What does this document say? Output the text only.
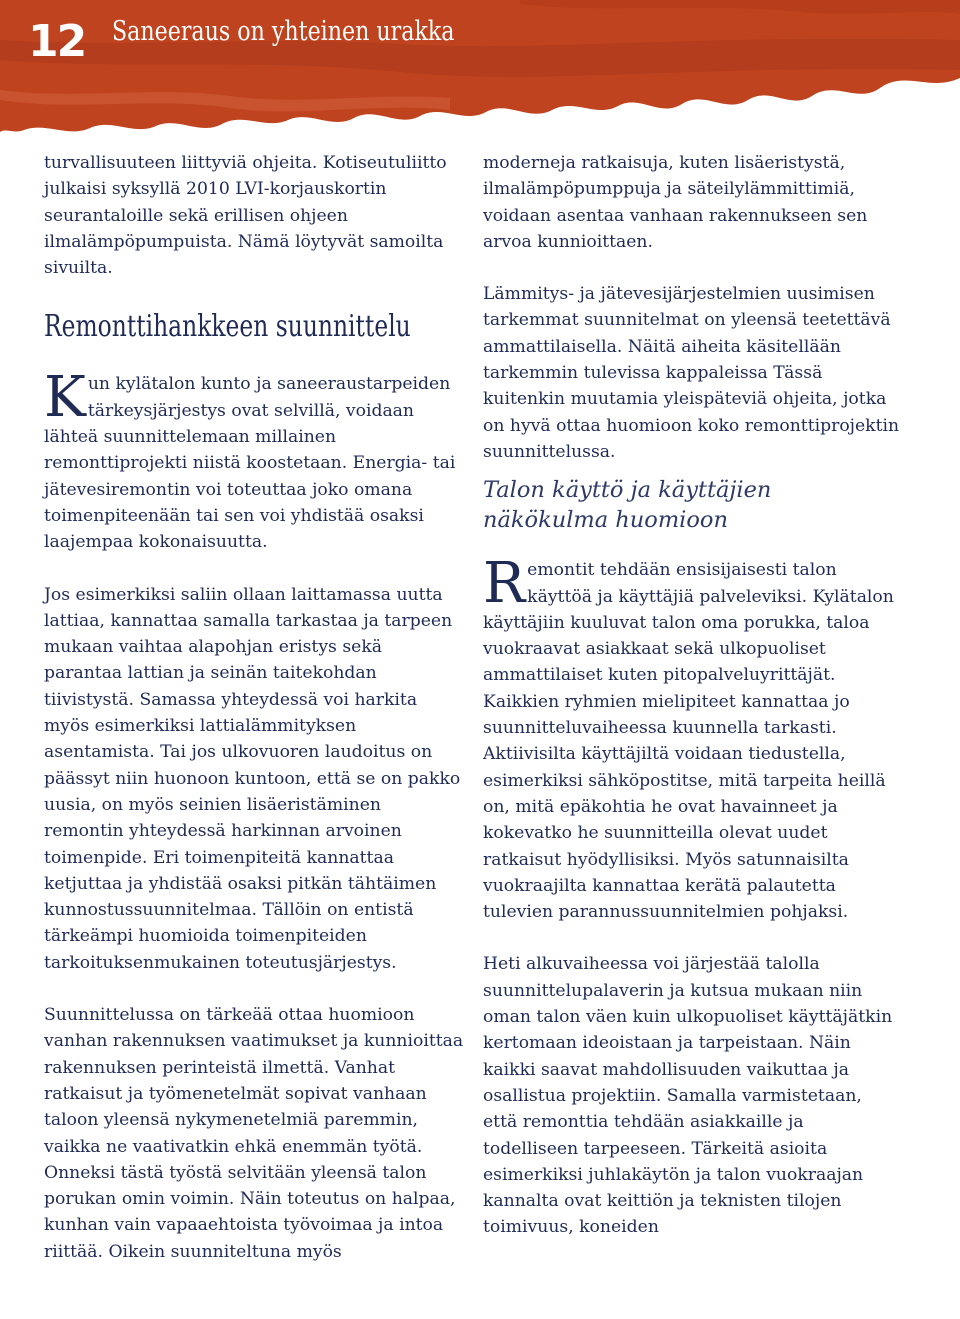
12 Saneeraus on yhteinen urakka

turvallisuuteen liittyviä ohjeita. Kotiseutuliitto julkaisi syksyllä 2010 LVI-korjauskortin seurantaloille sekä erillisen ohjeen ilmalämpöpumpuista. Nämä löytyvät samoilta sivuilta.

Remonttihankkeen suunnittelu

Kun kylätalon kunto ja saneeraustarpeiden tärkeysjärjestys ovat selvillä, voidaan lähteä suunnittelemaan millainen remonttiprojekti niistä koostetaan. Energia- tai jätevesiremontin voi toteuttaa joko omana toimenpiteenään tai sen voi yhdistää osaksi laajempaa kokonaisuutta.

Jos esimerkiksi saliin ollaan laittamassa uutta lattiaa, kannattaa samalla tarkastaa ja tarpeen mukaan vaihtaa alapohjan eristys sekä parantaa lattian ja seinän taitekohdan tiivistystä. Samassa yhteydessä voi harkita myös esimerkiksi lattialämmityksen asentamista. Tai jos ulkovuoren laudoitus on päässyt niin huonoon kuntoon, että se on pakko uusia, on myös seinien lisäeristäminen remontin yhteydessä harkinnan arvoinen toimenpide. Eri toimenpiteitä kannattaa ketjuttaa ja yhdistää osaksi pitkän tähtäimen kunnostussuunnitelmaa. Tällöin on entistä tärkeämpi huomioida toimenpiteiden tarkoituksenmukainen toteutusjärjestys.

Suunnittelussa on tärkeää ottaa huomioon vanhan rakennuksen vaatimukset ja kunnioittaa rakennuksen perinteistä ilmettä. Vanhat ratkaisut ja työmenetelmät sopivat vanhaan taloon yleensä nykymenetelmiä paremmin, vaikka ne vaativatkin ehkä enemmän työtä. Onneksi tästä työstä selvitään yleensä talon porukan omin voimin. Näin toteutus on halpaa, kunhan vain vapaaehtoista työvoimaa ja intoa riittää. Oikein suunniteltuna myös

moderneja ratkaisuja, kuten lisäeristystä, ilmalämpöpumppuja ja säteilylämmittimiä, voidaan asentaa vanhaan rakennukseen sen arvoa kunnioittaen.

Lämmitys- ja jätevesijärjestelmien uusimisen tarkemmat suunnitelmat on yleensä teetettävä ammattilaisella. Näitä aiheita käsitellään tarkemmin tulevissa kappaleissa Tässä kuitenkin muutamia yleispäteviä ohjeita, jotka on hyvä ottaa huomioon koko remonttiprojektin suunnittelussa.

Talon käyttö ja käyttäjien näkökulma huomioon

Remontit tehdään ensisijaisesti talon käyttöä ja käyttäjiä palveleviksi. Kylätalon käyttäjiin kuuluvat talon oma porukka, taloa vuokraavat asiakkaat sekä ulkopuoliset ammattilaiset kuten pitopalveluyrittäjät. Kaikkien ryhmien mielipiteet kannattaa jo suunnitteluvaiheessa kuunnella tarkasti. Aktiivisilta käyttäjiltä voidaan tiedustella, esimerkiksi sähköpostitse, mitä tarpeita heillä on, mitä epäkohtia he ovat havainneet ja kokevatko he suunnitteilla olevat uudet ratkaisut hyödyllisiksi. Myös satunnaisilta vuokraajilta kannattaa kerätä palautetta tulevien parannussuunnitelmien pohjaksi.

Heti alkuvaiheessa voi järjestää talolla suunnittelupalaverin ja kutsua mukaan niin oman talon väen kuin ulkopuoliset käyttäjätkin kertomaan ideoistaan ja tarpeistaan. Näin kaikki saavat mahdollisuuden vaikuttaa ja osallistua projektiin. Samalla varmistetaan, että remonttia tehdään asiakkaille ja todelliseen tarpeeseen. Tärkeitä asioita esimerkiksi juhlakäytön ja talon vuokraajan kannalta ovat keittiön ja teknisten tilojen toimivuus, koneiden
